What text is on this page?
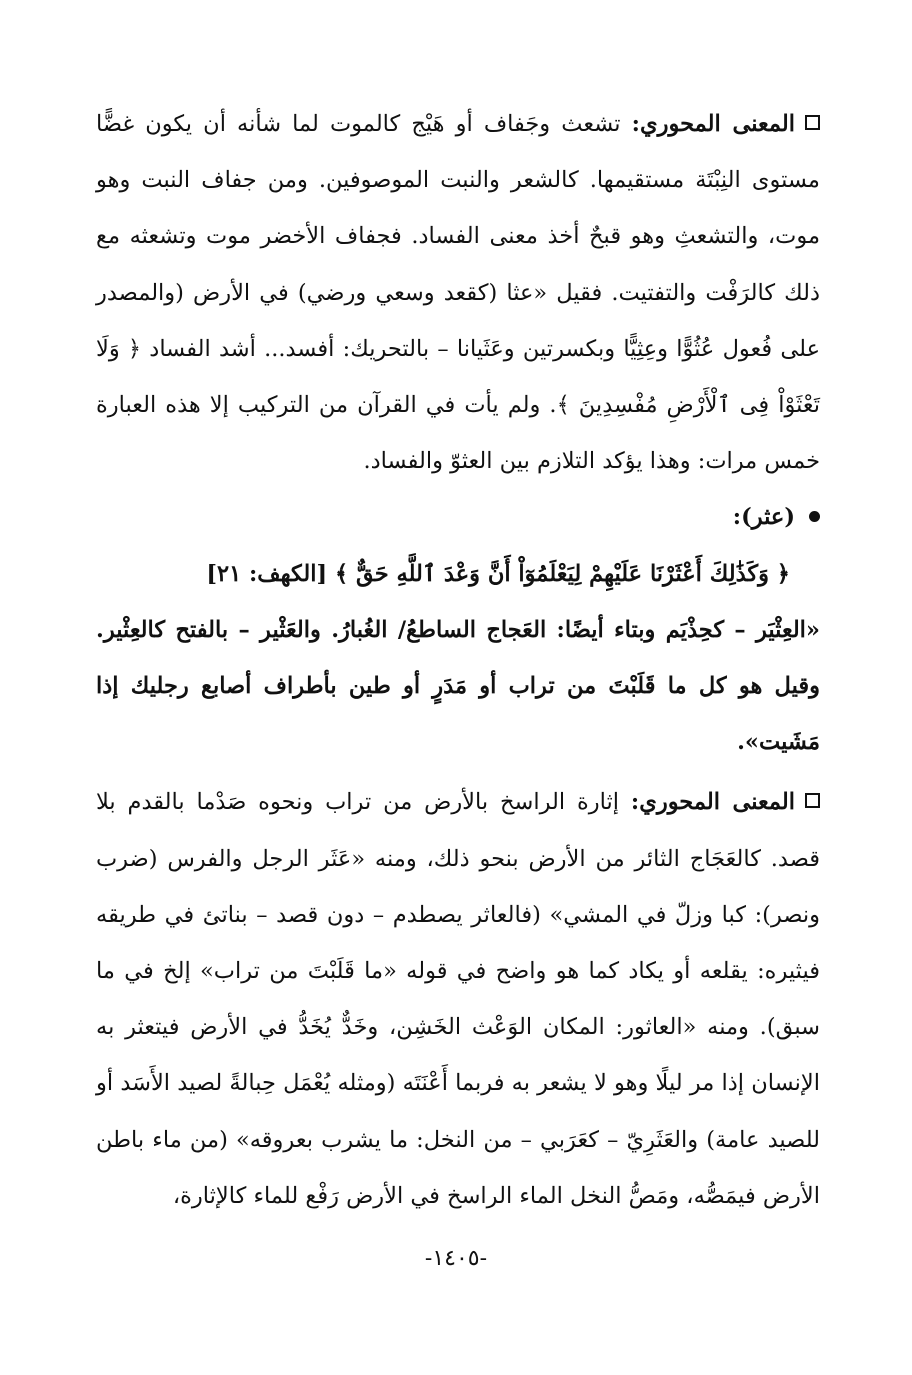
المعنى المحوري: تشعث وجَفاف أو هَيْج كالموت لما شأنه أن يكون غضًّا مستوى النِبْتَة مستقيمها. كالشعر والنبت الموصوفين. ومن جفاف النبت وهو موت، والتشعثِ وهو قبحٌ أخذ معنى الفساد. فجفاف الأخضر موت وتشعثه مع ذلك كالرَفْت والتفتيت. فقيل «عثا (كقعد وسعي ورضي) في الأرض (والمصدر على فُعول عُثُوًّا وعِثِيًّا وبكسرتين وعَثَيانا – بالتحريك: أفسد... أشد الفساد ﴿ وَلَا تَعْثَوْاْ فِى ٱلْأَرْضِ مُفْسِدِينَ ﴾. ولم يأت في القرآن من التركيب إلا هذه العبارة خمس مرات: وهذا يؤكد التلازم بين العثوّ والفساد.

(عثر):

﴿ وَكَذَٰلِكَ أَعْثَرْنَا عَلَيْهِمْ لِيَعْلَمُوٓاْ أَنَّ وَعْدَ ٱللَّهِ حَقٌّ ﴾ [الكهف: ٢١]

«العِثْيَر – كحِذْيَم وبتاء أيضًا: العَجاج الساطعُ/ الغُبارُ. والعَثْير – بالفتح كالعِثْير. وقيل هو كل ما قَلَبْتَ من تراب أو مَدَرٍ أو طين بأطراف أصابع رجليك إذا مَشَيت».

المعنى المحوري: إثارة الراسخ بالأرض من تراب ونحوه صَدْما بالقدم بلا قصد. كالعَجَاج الثائر من الأرض بنحو ذلك، ومنه «عَثَر الرجل والفرس (ضرب ونصر): كبا وزلّ في المشي» (فالعاثر يصطدم – دون قصد – بناتئ في طريقه فيثيره: يقلعه أو يكاد كما هو واضح في قوله «ما قَلَبْتَ من تراب» إلخ في ما سبق). ومنه «العاثور: المكان الوَعْث الخَشِن، وخَدٌّ يُخَدُّ في الأرض فيتعثر به الإنسان إذا مر ليلًا وهو لا يشعر به فربما أَعْنَتَه (ومثله يُعْمَل حِبالةً لصيد الأَسَد أو للصيد عامة) والعَثَرِيّ – كعَرَبي – من النخل: ما يشرب بعروقه» (من ماء باطن الأرض فيمَصُّه، ومَصُّ النخل الماء الراسخ في الأرض رَفْع للماء كالإثارة،

-١٤٠٥-
